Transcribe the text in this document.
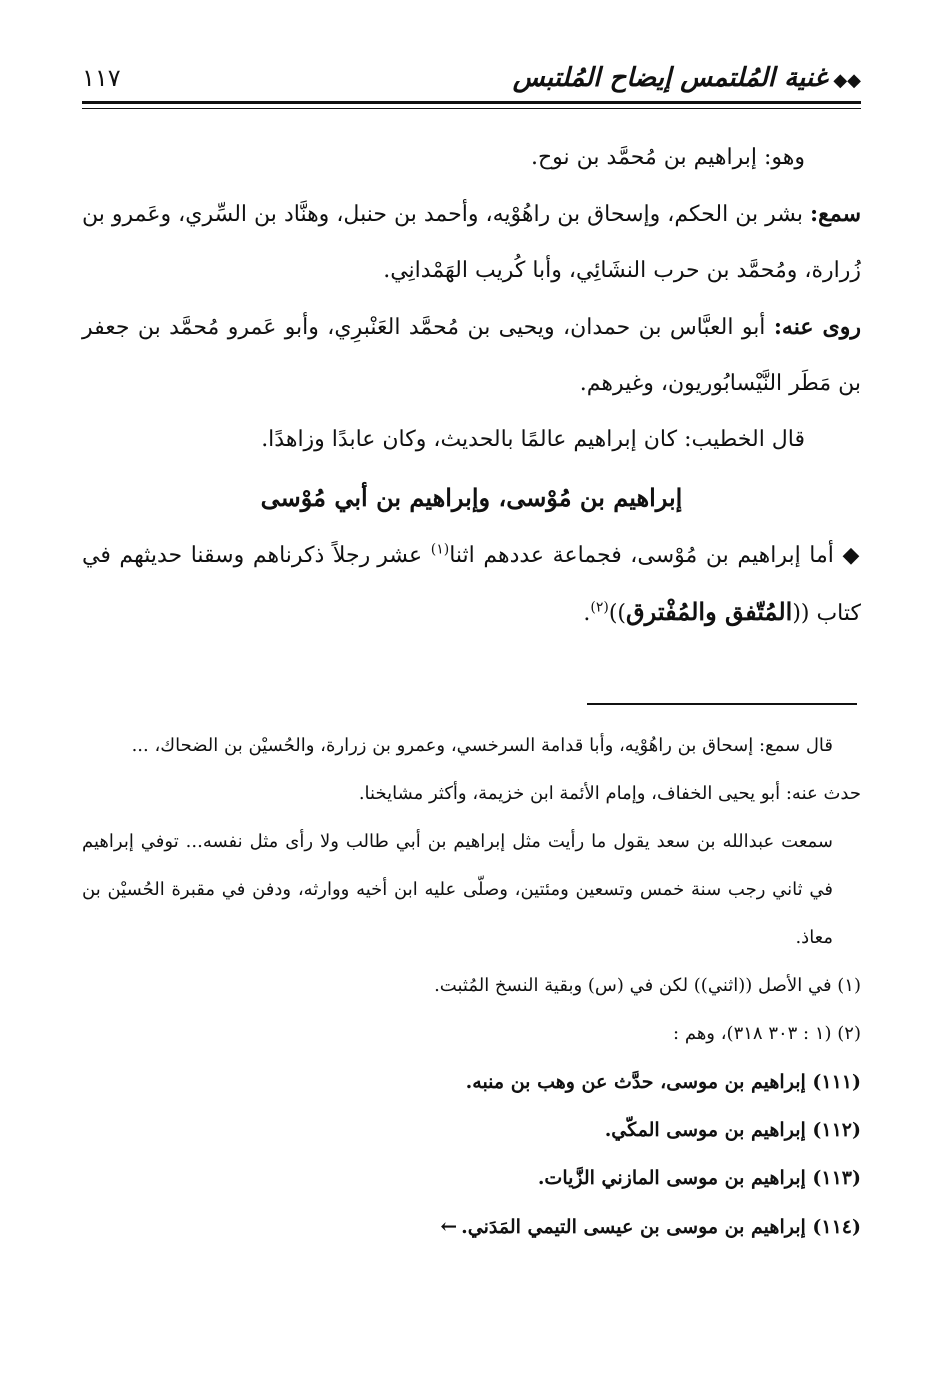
◆◆غنية المُلتمس إيضاح المُلتبس
١١٧

وهو: إبراهيم بن مُحمَّد بن نوح.

سمع: بشر بن الحكم، وإسحاق بن راهُوْيه، وأحمد بن حنبل، وهنَّاد بن السِّري، وعَمرو بن زُرارة، ومُحمَّد بن حرب النشَائِي، وأبا كُريب الهَمْدانِي.

روى عنه: أبو العبَّاس بن حمدان، ويحيى بن مُحمَّد العَنْبرِي، وأبو عَمرو مُحمَّد بن جعفر بن مَطَر النَّيْسابُوريون، وغيرهم.

قال الخطيب: كان إبراهيم عالمًا بالحديث، وكان عابدًا وزاهدًا.

إبراهيم بن مُوْسى، وإبراهيم بن أبي مُوْسى

◆ أما إبراهيم بن مُوْسى، فجماعة عددهم اثنا$^{(١)}$ عشر رجلاً ذكرناهم وسقنا حديثهم في كتاب ((المُتّفق والمُفْترق))$^{(٢)}$.

قال سمع: إسحاق بن راهُوْيه، وأبا قدامة السرخسي، وعمرو بن زرارة، والحُسيْن بن الضحاك، ...

حدث عنه: أبو يحيى الخفاف، وإمام الأئمة ابن خزيمة، وأكثر مشايخنا.

سمعت عبدالله بن سعد يقول ما رأيت مثل إبراهيم بن أبي طالب ولا رأى مثل نفسه... توفي إبراهيم في ثاني رجب سنة خمس وتسعين ومئتين، وصلّى عليه ابن أخيه ووارثه، ودفن في مقبرة الحُسيْن بن معاذ.

(١) في الأصل ((اثني)) لكن في (س) وبقية النسخ المُثبت.

(٢) (١ : ٣٠٣ ٣١٨)، وهم :

(١١١) إبراهيم بن موسى، حدَّث عن وهب بن منبه.

(١١٢) إبراهيم بن موسى المكّي.

(١١٣) إبراهيم بن موسى المازني الزَّيات.

(١١٤) إبراهيم بن موسى بن عيسى التيمي المَدَني.←
